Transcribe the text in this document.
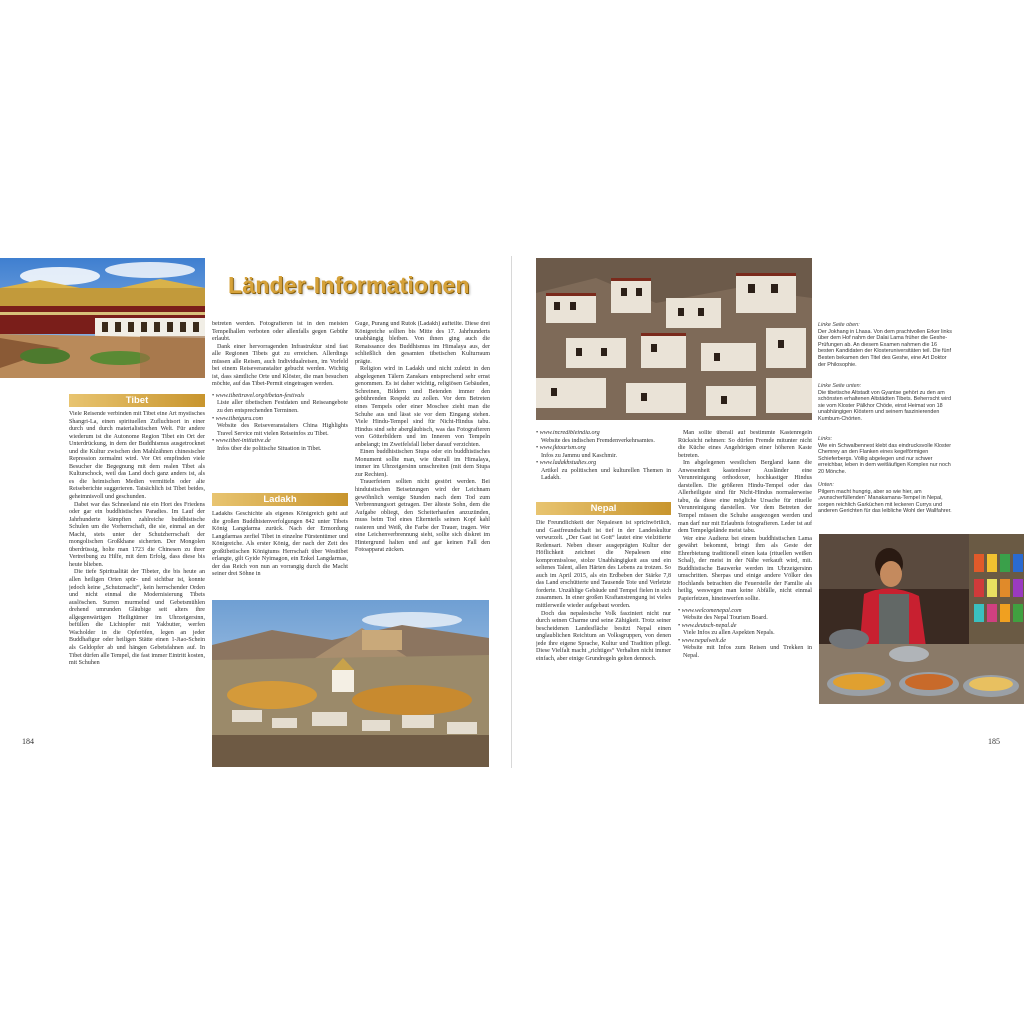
Länder-Informationen
Tibet

Viele Reisende verbinden mit Tibet eine Art mystisches Shangri-La, einen spirituellen Zufluchtsort in einer durch und durch materialistischen Welt. Für andere wiederum ist die Autonome Region Tibet ein Ort der Unterdrückung, in dem der Buddhismus ausgetrocknet und die Kultur zwischen den Mahlzähnen chinesischer Repression zermalmt wird. Vor Ort empfinden viele Besucher die Begegnung mit dem realen Tibet als Kulturschock, weil das Land doch ganz anders ist, als es die heimischen Medien vermitteln oder alte Reiseberichte suggerieren. Tatsächlich ist Tibet beides, geheimnisvoll und geschunden.

Dabei war das Schneeland nie ein Hort des Friedens oder gar ein buddhistisches Paradies. Im Lauf der Jahrhunderte kämpften zahlreiche buddhistische Schulen um die Vorherrschaft, die sie, einmal an der Macht, stets unter der Schutzherrschaft der mongolischen Großkhane sicherten. Der Mongolen überdrüssig, holte man 1723 die Chinesen zu ihrer Vertreibung zu Hilfe, mit dem Erfolg, dass diese bis heute blieben.

Die tiefe Spiritualität der Tibeter, die bis heute an allen heiligen Orten spür- und sichtbar ist, konnte jedoch keine „Schutzmacht“, kein herrschender Orden und nicht einmal die Modernisierung Tibets auslöschen. Surren murmelnd und Gebetsmühlen drehend umrunden Gläubige seit alters ihre allgegenwärtigen Heiligtümer im Uhrzeigersinn, befüllen die Lichtopfer mit Yakbutter, werfen Wacholder in die Opferöfen, legen an jeder Buddhafigur oder heiligen Stätte einen 1-Jiao-Schein als Geldopfer ab und hängen Gebetsfahnen auf. In Tibet dürfen alle Tempel, die fast immer Eintritt kosten, mit Schuhen

betreten werden. Fotografieren ist in den meisten Tempelhallen verboten oder allenfalls gegen Gebühr erlaubt.

Dank einer hervorragenden Infrastruktur sind fast alle Regionen Tibets gut zu erreichen. Allerdings müssen alle Reisen, auch Individualreisen, im Vorfeld bei einem Reiseveranstalter gebucht werden. Wichtig ist, dass sämtliche Orte und Klöster, die man besuchen möchte, auf das Tibet-Permit eingetragen werden.

• www.tibettravel.org/tibetan-festivals
Liste aller tibetischen Festdaten und Reiseangebote zu den entsprechenden Terminen.
• www.tibetguru.com
Website des Reiseveranstalters China Highlights Travel Service mit vielen Reiseinfos zu Tibet.
• www.tibet-initiative.de
Infos über die politische Situation in Tibet.
Ladakh

Ladakhs Geschichte als eigenes Königreich geht auf die großen Buddhistenverfolgungen 842 unter Tibets König Langdarma zurück. Nach der Ermordung Langdarmas zerfiel Tibet in einzelne Fürstentümer und Königreiche. Als erster König, der nach der Zeit des großtibetischen Königtums Herrschaft über Westtibet erlangte, gilt Gyide Nyimagon, ein Enkel Langdarmas, der das Reich von nun an vorrangig durch die Macht seiner drei Söhne in

Guge, Purang und Rutok (Ladakh) aufteilte. Diese drei Königreiche sollten bis Mitte des 17. Jahrhunderts unabhängig bleiben. Von ihnen ging auch die Renaissance des Buddhismus im Himalaya aus, der schließlich den gesamten tibetischen Kulturraum prägte.

Religion wird in Ladakh und nicht zuletzt in den abgelegenen Tälern Zanskars entsprechend sehr ernst genommen. Es ist daher wichtig, religiösen Gebäuden, Schreinen, Bildern und Betenden immer den gebührenden Respekt zu zollen. Vor dem Betreten eines Tempels oder einer Moschee zieht man die Schuhe aus und lässt sie vor dem Eingang stehen. Viele Hindu-Tempel sind für Nicht-Hindus tabu. Hindus sind sehr abergläubisch, was das Fotografieren von Götterbildern und im Inneren von Tempeln anbelangt; im Zweifelsfall lieber darauf verzichten.

Einen buddhistischen Stupa oder ein buddhistisches Monument sollte man, wie überall im Himalaya, immer im Uhrzeigersinn umschreiten (mit dem Stupa zur Rechten).

Trauerfeiern sollten nicht gestört werden. Bei hinduistischen Beisetzungen wird der Leichnam gewöhnlich wenige Stunden nach dem Tod zum Verbrennungsort getragen. Der älteste Sohn, dem die Aufgabe obliegt, den Scheiterhaufen anzuzünden, muss beim Tod eines Elternteils seinen Kopf kahl rasieren und Weiß, die Farbe der Trauer, tragen. Wer eine Leichenverbrennung sieht, sollte sich diskret im Hintergrund halten und auf gar keinen Fall den Fotoapparat zücken.

184
Linke Seite oben:
Der Jokhang in Lhasa. Von dem prachtvollen Erker links über dem Hof nahm der Dalai Lama früher die Geshe-Prüfungen ab. An diesem Examen nahmen die 16 besten Kandidaten der Klosteruniversitäten teil. Die fünf Besten bekamen den Titel des Geshe, eine Art Doktor der Philosophie.
Linke Seite unten:
Die tibetische Altstadt von Gyantse gehört zu den am schönsten erhaltenen Altstädten Tibets. Beherrscht wird sie vom Kloster Pälkhor Chöde, einst Heimat von 18 unabhängigen Klöstern und seinem faszinierenden Kumbum-Chörten.
Links:
Wie ein Schwalbennest klebt das eindrucksvolle Kloster Chemrey an den Flanken eines kegelförmigen Schieferbergs. Völlig abgelegen und nur schwer erreichbar, leben in dem weitläufigen Komplex nur noch 20 Mönche.
Unten:
Pilgern macht hungrig, aber so wie hier, am „wunscherfüllenden“ Manakamana-Tempel in Nepal, sorgen reichlich Garküchen mit leckeren Currys und anderen Gerichten für das leibliche Wohl der Wallfahrer.
• www.incredibleindia.org
Website des indischen Fremdenverkehrsamtes.
• www.jktourism.org
Infos zu Jammu und Kaschmir.
• www.ladakhstudies.org
Artikel zu politischen und kulturellen Themen in Ladakh.
Nepal

Die Freundlichkeit der Nepalesen ist sprichwörtlich, und Gastfreundschaft ist tief in der Landeskultur verwurzelt. „Der Gast ist Gott“ lautet eine vielzitierte Redensart. Neben dieser ausgeprägten Kultur der Höflichkeit zeichnet die Nepalesen eine kompromisslose, stolze Unabhängigkeit aus und ein seltenes Talent, allen Härten des Lebens zu trotzen. So auch im April 2015, als ein Erdbeben der Stärke 7,8 das Land erschütterte und Tausende Tote und Verletzte forderte. Unzählige Gebäude und Tempel fielen in sich zusammen. In einer großen Kraftanstrengung ist vieles mittlerweile wieder aufgebaut worden.

Doch das nepalesische Volk fasziniert nicht nur durch seinen Charme und seine Zähigkeit. Trotz seiner bescheidenen Landesfläche besitzt Nepal einen unglaublichen Reichtum an Volksgruppen, von denen jede ihre eigene Sprache, Kultur und Tradition pflegt. Diese Vielfalt macht „richtiges“ Verhalten nicht immer einfach, aber einige Grundregeln gelten dennoch.

Man sollte überall auf bestimmte Kastenregeln Rücksicht nehmen: So dürfen Fremde mitunter nicht die Küche eines Angehörigen einer höheren Kaste betreten.

Im abgelegenen westlichen Bergland kann die Anwesenheit kastenloser Ausländer eine Verunreinigung orthodoxer, hochkastiger Hindus darstellen. Die größeren Hindu-Tempel oder das Allerheiligste sind für Nicht-Hindus normalerweise tabu, da diese eine mögliche Ursache für rituelle Verunreinigung darstellen. Vor dem Betreten der Tempel müssen die Schuhe ausgezogen werden und man darf nur mit Erlaubnis fotografieren. Leder ist auf dem Tempelgelände meist tabu.

Wer eine Audienz bei einem buddhistischen Lama gewährt bekommt, bringt ihm als Geste der Ehrerbietung traditionell einen kata (rituellen weißen Schal), der meist in der Nähe verkauft wird, mit. Buddhistische Bauwerke werden im Uhrzeigersinn umschritten. Sherpas und einige andere Völker des Hochlands betrachten die Feuerstelle der Familie als heilig, weswegen man keine Abfälle, nicht einmal Papierfetzen, hineinwerfen sollte.

• www.welcomenepal.com
Website des Nepal Tourism Board.
• www.deutsch-nepal.de
Viele Infos zu allen Aspekten Nepals.
• www.nepalwelt.de
Website mit Infos zum Reisen und Trekken in Nepal.
185
